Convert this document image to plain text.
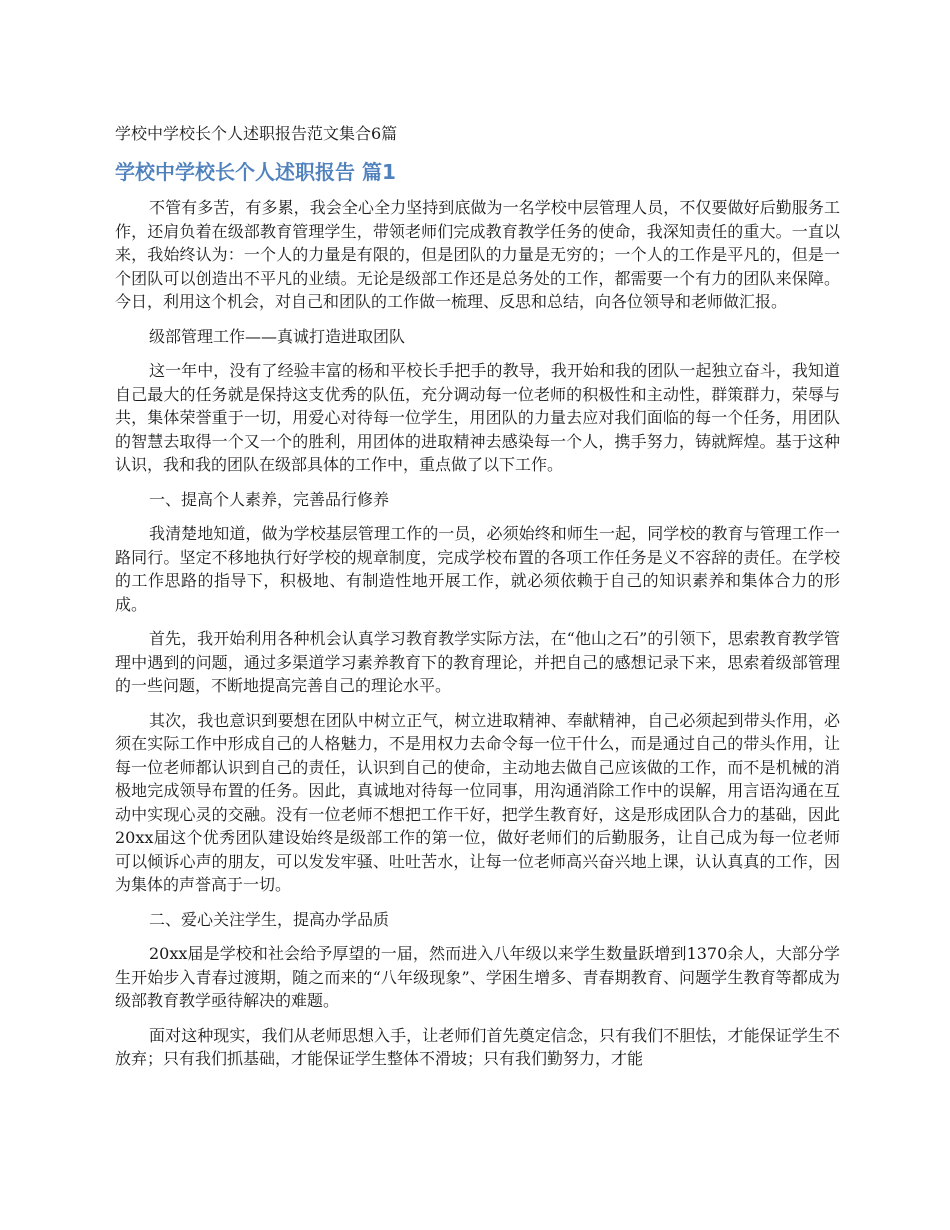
学校中学校长个人述职报告范文集合6篇
学校中学校长个人述职报告 篇1

不管有多苦，有多累，我会全心全力坚持到底做为一名学校中层管理人员，不仅要做好后勤服务工作，还肩负着在级部教育管理学生，带领老师们完成教育教学任务的使命，我深知责任的重大。一直以来，我始终认为：一个人的力量是有限的，但是团队的力量是无穷的；一个人的工作是平凡的，但是一个团队可以创造出不平凡的业绩。无论是级部工作还是总务处的工作，都需要一个有力的团队来保障。今日，利用这个机会，对自己和团队的工作做一梳理、反思和总结，向各位领导和老师做汇报。

级部管理工作——真诚打造进取团队

这一年中，没有了经验丰富的杨和平校长手把手的教导，我开始和我的团队一起独立奋斗，我知道自己最大的任务就是保持这支优秀的队伍，充分调动每一位老师的积极性和主动性，群策群力，荣辱与共，集体荣誉重于一切，用爱心对待每一位学生，用团队的力量去应对我们面临的每一个任务，用团队的智慧去取得一个又一个的胜利，用团体的进取精神去感染每一个人，携手努力，铸就辉煌。基于这种认识，我和我的团队在级部具体的工作中，重点做了以下工作。

一、提高个人素养，完善品行修养

我清楚地知道，做为学校基层管理工作的一员，必须始终和师生一起，同学校的教育与管理工作一路同行。坚定不移地执行好学校的规章制度，完成学校布置的各项工作任务是义不容辞的责任。在学校的工作思路的指导下，积极地、有制造性地开展工作，就必须依赖于自己的知识素养和集体合力的形成。

首先，我开始利用各种机会认真学习教育教学实际方法，在“他山之石”的引领下，思索教育教学管理中遇到的问题，通过多渠道学习素养教育下的教育理论，并把自己的感想记录下来，思索着级部管理的一些问题，不断地提高完善自己的理论水平。

其次，我也意识到要想在团队中树立正气，树立进取精神、奉献精神，自己必须起到带头作用，必须在实际工作中形成自己的人格魅力，不是用权力去命令每一位干什么，而是通过自己的带头作用，让每一位老师都认识到自己的责任，认识到自己的使命，主动地去做自己应该做的工作，而不是机械的消极地完成领导布置的任务。因此，真诚地对待每一位同事，用沟通消除工作中的误解，用言语沟通在互动中实现心灵的交融。没有一位老师不想把工作干好，把学生教育好，这是形成团队合力的基础，因此20xx届这个优秀团队建设始终是级部工作的第一位，做好老师们的后勤服务，让自己成为每一位老师可以倾诉心声的朋友，可以发发牢骚、吐吐苦水，让每一位老师高兴奋兴地上课，认认真真的工作，因为集体的声誉高于一切。

二、爱心关注学生，提高办学品质

20xx届是学校和社会给予厚望的一届，然而进入八年级以来学生数量跃增到1370余人，大部分学生开始步入青春过渡期，随之而来的“八年级现象”、学困生增多、青春期教育、问题学生教育等都成为级部教育教学亟待解决的难题。

面对这种现实，我们从老师思想入手，让老师们首先奠定信念，只有我们不胆怯，才能保证学生不放弃；只有我们抓基础，才能保证学生整体不滑坡；只有我们勤努力，才能
